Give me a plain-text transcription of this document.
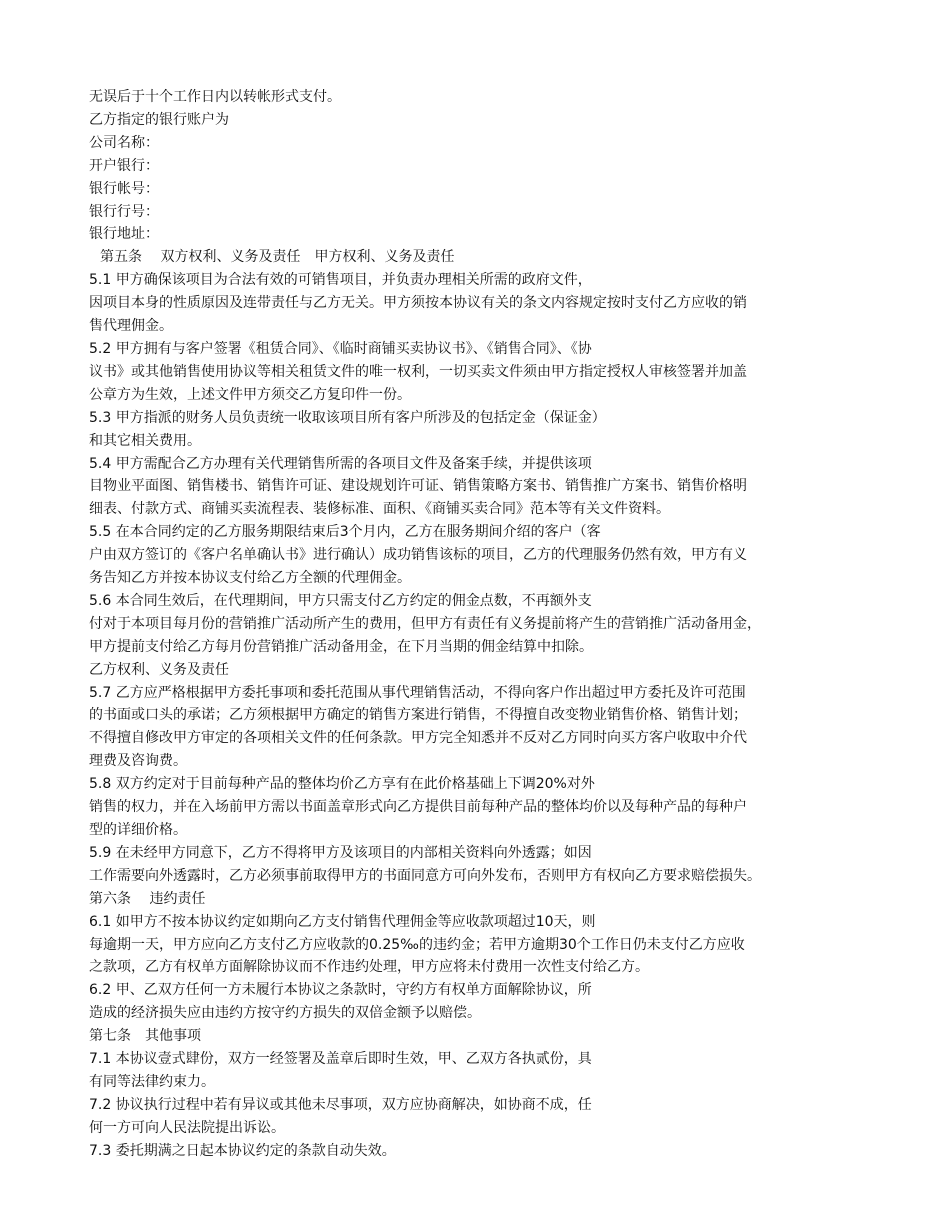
无误后于十个工作日内以转帐形式支付。
乙方指定的银行账户为
公司名称：
开户银行：
银行帐号：
银行行号：
银行地址：
第五条　 双方权利、义务及责任　甲方权利、义务及责任
5.1 甲方确保该项目为合法有效的可销售项目，并负责办理相关所需的政府文件，
因项目本身的性质原因及连带责任与乙方无关。甲方须按本协议有关的条文内容规定按时支付乙方应收的销
售代理佣金。
5.2 甲方拥有与客户签署《租赁合同》、《临时商铺买卖协议书》、《销售合同》、《协
议书》或其他销售使用协议等相关租赁文件的唯一权利，一切买卖文件须由甲方指定授权人审核签署并加盖
公章方为生效，上述文件甲方须交乙方复印件一份。
5.3 甲方指派的财务人员负责统一收取该项目所有客户所涉及的包括定金（保证金）
和其它相关费用。
5.4 甲方需配合乙方办理有关代理销售所需的各项目文件及备案手续，并提供该项
目物业平面图、销售楼书、销售许可证、建设规划许可证、销售策略方案书、销售推广方案书、销售价格明
细表、付款方式、商铺买卖流程表、装修标准、面积、《商铺买卖合同》范本等有关文件资料。
5.5 在本合同约定的乙方服务期限结束后3个月内，乙方在服务期间介绍的客户（客
户由双方签订的《客户名单确认书》进行确认）成功销售该标的项目，乙方的代理服务仍然有效，甲方有义
务告知乙方并按本协议支付给乙方全额的代理佣金。
5.6 本合同生效后，在代理期间，甲方只需支付乙方约定的佣金点数，不再额外支
付对于本项目每月份的营销推广活动所产生的费用，但甲方有责任有义务提前将产生的营销推广活动备用金，
甲方提前支付给乙方每月份营销推广活动备用金，在下月当期的佣金结算中扣除。
乙方权利、义务及责任
5.7 乙方应严格根据甲方委托事项和委托范围从事代理销售活动，不得向客户作出超过甲方委托及许可范围
的书面或口头的承诺；乙方须根据甲方确定的销售方案进行销售，不得擅自改变物业销售价格、销售计划；
不得擅自修改甲方审定的各项相关文件的任何条款。甲方完全知悉并不反对乙方同时向买方客户收取中介代
理费及咨询费。
5.8 双方约定对于目前每种产品的整体均价乙方享有在此价格基础上下调20%对外
销售的权力，并在入场前甲方需以书面盖章形式向乙方提供目前每种产品的整体均价以及每种产品的每种户
型的详细价格。
5.9 在未经甲方同意下，乙方不得将甲方及该项目的内部相关资料向外透露；如因
工作需要向外透露时，乙方必须事前取得甲方的书面同意方可向外发布，否则甲方有权向乙方要求赔偿损失。
第六条　 违约责任
6.1 如甲方不按本协议约定如期向乙方支付销售代理佣金等应收款项超过10天，则
每逾期一天，甲方应向乙方支付乙方应收款的0.25‰的违约金；若甲方逾期30个工作日仍未支付乙方应收
之款项，乙方有权单方面解除协议而不作违约处理，甲方应将未付费用一次性支付给乙方。
6.2 甲、乙双方任何一方未履行本协议之条款时，守约方有权单方面解除协议，所
造成的经济损失应由违约方按守约方损失的双倍金额予以赔偿。
第七条　其他事项
7.1 本协议壹式肆份，双方一经签署及盖章后即时生效，甲、乙双方各执贰份，具
有同等法律约束力。
7.2 协议执行过程中若有异议或其他未尽事项，双方应协商解决，如协商不成，任
何一方可向人民法院提出诉讼。
7.3 委托期满之日起本协议约定的条款自动失效。
